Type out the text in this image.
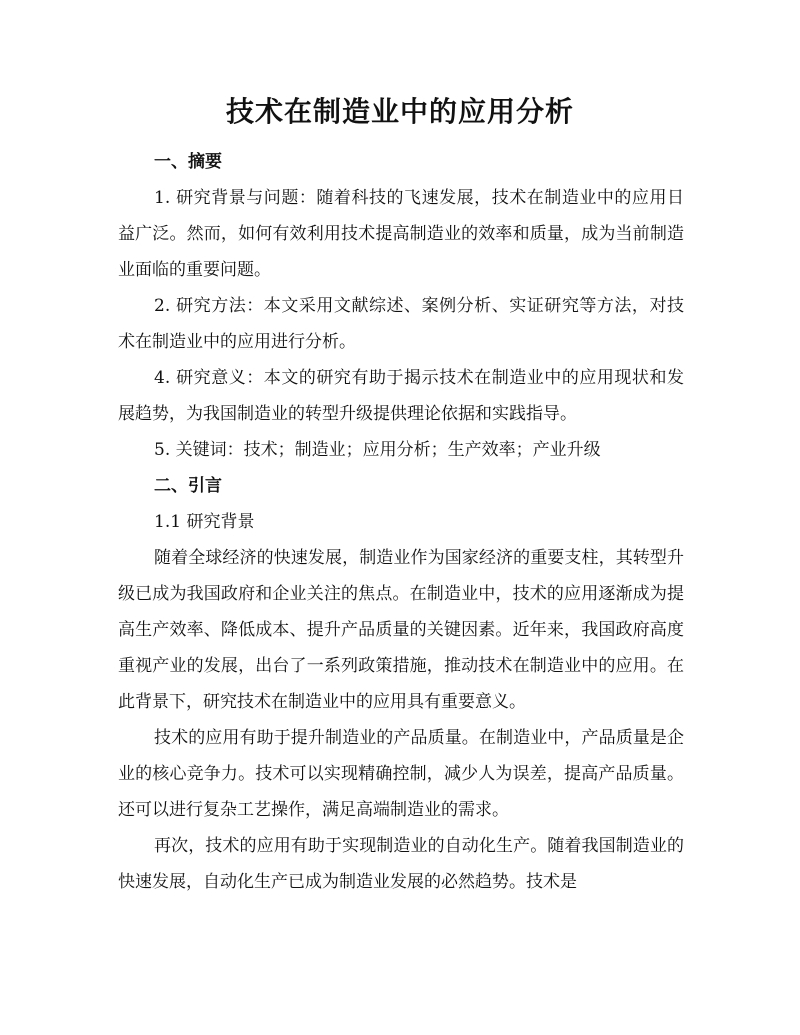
技术在制造业中的应用分析
一、摘要

1. 研究背景与问题：随着科技的飞速发展，技术在制造业中的应用日益广泛。然而，如何有效利用技术提高制造业的效率和质量，成为当前制造业面临的重要问题。

2. 研究方法：本文采用文献综述、案例分析、实证研究等方法，对技术在制造业中的应用进行分析。

4. 研究意义：本文的研究有助于揭示技术在制造业中的应用现状和发展趋势，为我国制造业的转型升级提供理论依据和实践指导。

5. 关键词：技术；制造业；应用分析；生产效率；产业升级

二、引言

1.1 研究背景

随着全球经济的快速发展，制造业作为国家经济的重要支柱，其转型升级已成为我国政府和企业关注的焦点。在制造业中，技术的应用逐渐成为提高生产效率、降低成本、提升产品质量的关键因素。近年来，我国政府高度重视产业的发展，出台了一系列政策措施，推动技术在制造业中的应用。在此背景下，研究技术在制造业中的应用具有重要意义。

技术的应用有助于提升制造业的产品质量。在制造业中，产品质量是企业的核心竞争力。技术可以实现精确控制，减少人为误差，提高产品质量。还可以进行复杂工艺操作，满足高端制造业的需求。

再次，技术的应用有助于实现制造业的自动化生产。随着我国制造业的快速发展，自动化生产已成为制造业发展的必然趋势。技术是
